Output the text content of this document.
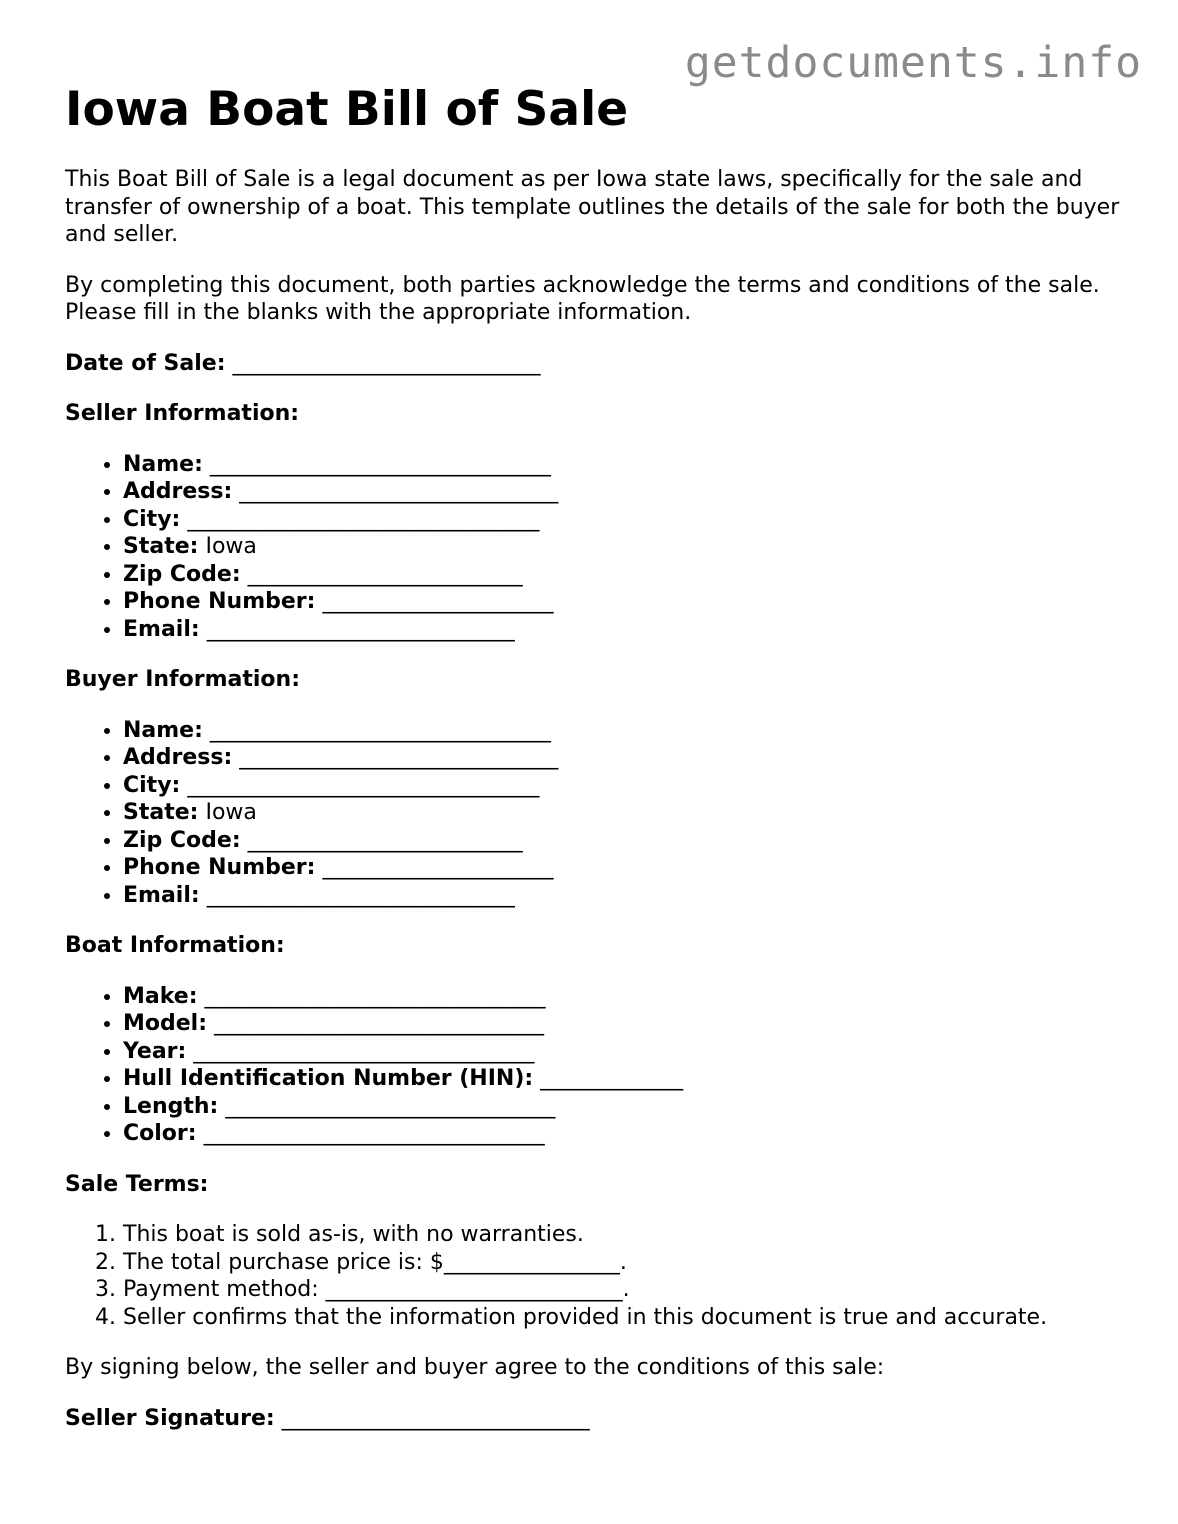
getdocuments.info
Iowa Boat Bill of Sale

This Boat Bill of Sale is a legal document as per Iowa state laws, specifically for the sale and transfer of ownership of a boat. This template outlines the details of the sale for both the buyer and seller.

By completing this document, both parties acknowledge the terms and conditions of the sale. Please fill in the blanks with the appropriate information.

Date of Sale: ____________________________

Seller Information:
• Name: _______________________________
• Address: _____________________________
• City: ________________________________
• State: Iowa
• Zip Code: _________________________
• Phone Number: _____________________
• Email: ____________________________
Buyer Information:
• Name: _______________________________
• Address: _____________________________
• City: ________________________________
• State: Iowa
• Zip Code: _________________________
• Phone Number: _____________________
• Email: ____________________________
Boat Information:
• Make: _______________________________
• Model: ______________________________
• Year: _______________________________
• Hull Identification Number (HIN): _____________
• Length: ______________________________
• Color: _______________________________
Sale Terms:
1. This boat is sold as-is, with no warranties.
2. The total purchase price is: $________________.
3. Payment method: ___________________________.
4. Seller confirms that the information provided in this document is true and accurate.

By signing below, the seller and buyer agree to the conditions of this sale:

Seller Signature: ____________________________
